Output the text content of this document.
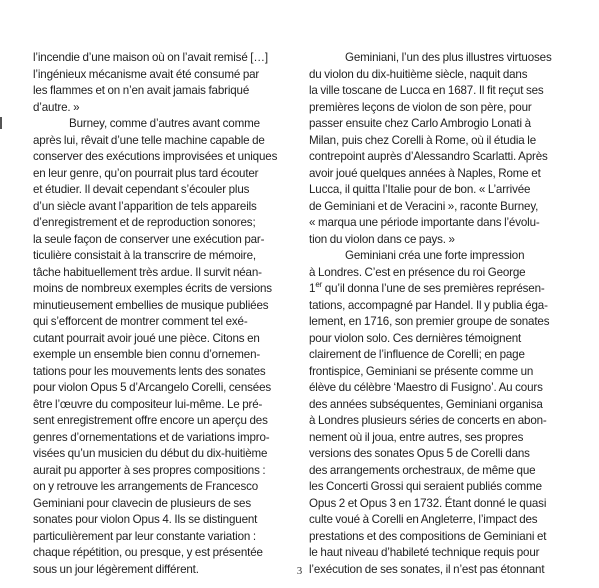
l’incendie d’une maison où on l’avait remisé […]
l’ingénieux mécanisme avait été consumé par
les flammes et on n’en avait jamais fabriqué
d’autre. »
Burney, comme d’autres avant comme
après lui, rêvait d’une telle machine capable de
conserver des exécutions improvisées et uniques
en leur genre, qu’on pourrait plus tard écouter
et étudier. Il devait cependant s’écouler plus
d’un siècle avant l’apparition de tels appareils
d’enregistrement et de reproduction sonores;
la seule façon de conserver une exécution par-
ticulière consistait à la transcrire de mémoire,
tâche habituellement très ardue. Il survit néan-
moins de nombreux exemples écrits de versions
minutieusement embellies de musique publiées
qui s’efforcent de montrer comment tel exé-
cutant pourrait avoir joué une pièce. Citons en
exemple un ensemble bien connu d’ornemen-
tations pour les mouvements lents des sonates
pour violon Opus 5 d’Arcangelo Corelli, censées
être l’œuvre du compositeur lui-même. Le pré-
sent enregistrement offre encore un aperçu des
genres d’ornementations et de variations impro-
visées qu’un musicien du début du dix-huitième
aurait pu apporter à ses propres compositions :
on y retrouve les arrangements de Francesco
Geminiani pour clavecin de plusieurs de ses
sonates pour violon Opus 4. Ils se distinguent
particulièrement par leur constante variation :
chaque répétition, ou presque, y est présentée
sous un jour légèrement différent.
Geminiani, l’un des plus illustres virtuoses
du violon du dix-huitième siècle, naquit dans
la ville toscane de Lucca en 1687. Il fit reçut ses
premières leçons de violon de son père, pour
passer ensuite chez Carlo Ambrogio Lonati à
Milan, puis chez Corelli à Rome, où il étudia le
contrepoint auprès d’Alessandro Scarlatti. Après
avoir joué quelques années à Naples, Rome et
Lucca, il quitta l’Italie pour de bon. « L’arrivée
de Geminiani et de Veracini », raconte Burney,
« marqua une période importante dans l’évolu-
tion du violon dans ce pays. »
Geminiani créa une forte impression
à Londres. C’est en présence du roi George
1er qu’il donna l’une de ses premières représen-
tations, accompagné par Handel. Il y publia éga-
lement, en 1716, son premier groupe de sonates
pour violon solo. Ces dernières témoignent
clairement de l’influence de Corelli; en page
frontispice, Geminiani se présente comme un
élève du célèbre ‘Maestro di Fusigno’. Au cours
des années subséquentes, Geminiani organisa
à Londres plusieurs séries de concerts en abon-
nement où il joua, entre autres, ses propres
versions des sonates Opus 5 de Corelli dans
des arrangements orchestraux, de même que
les Concerti Grossi qui seraient publiés comme
Opus 2 et Opus 3 en 1732. Étant donné le quasi
culte voué à Corelli en Angleterre, l’impact des
prestations et des compositions de Geminiani et
le haut niveau d’habileté technique requis pour
l’exécution de ses sonates, il n’est pas étonnant
3
